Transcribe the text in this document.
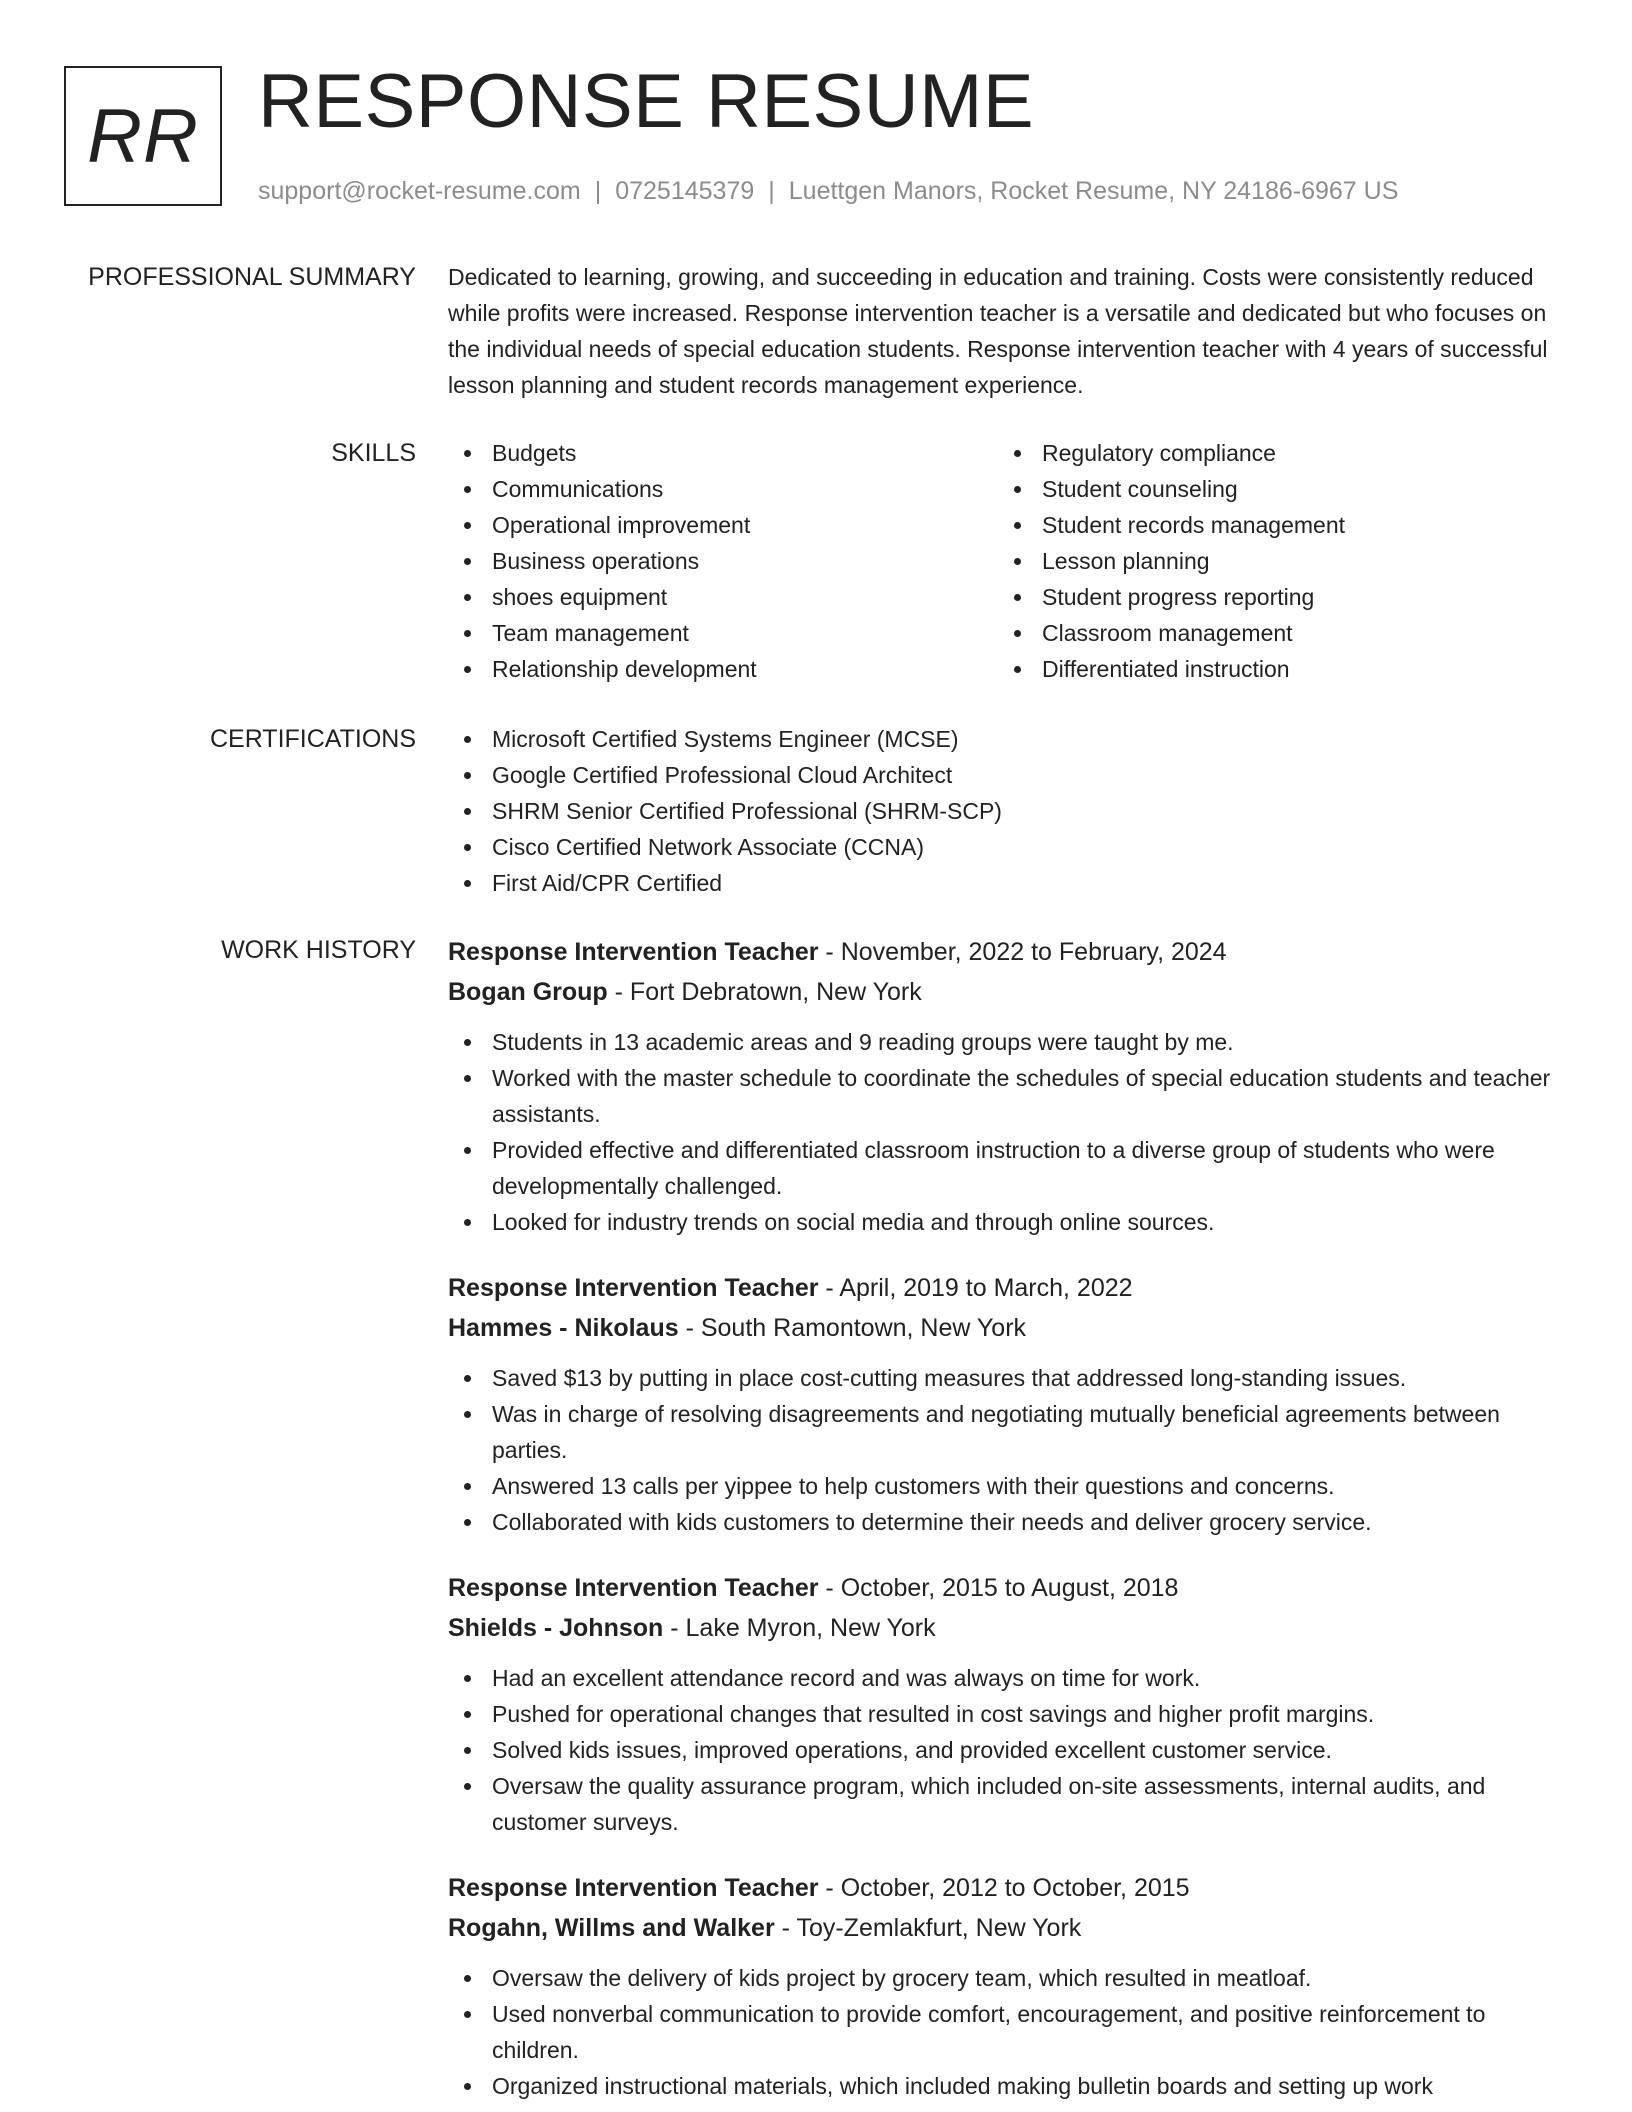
RR RESPONSE RESUME
support@rocket-resume.com | 0725145379 | Luettgen Manors, Rocket Resume, NY 24186-6967 US
PROFESSIONAL SUMMARY Dedicated to learning, growing, and succeeding in education and training. Costs were consistently reduced while profits were increased. Response intervention teacher is a versatile and dedicated but who focuses on the individual needs of special education students. Response intervention teacher with 4 years of successful lesson planning and student records management experience.

SKILLS	Budgets
Communications
Operational improvement
Business operations
shoes equipment
Team management
Relationship development
Regulatory compliance
Student counseling
Student records management
Lesson planning
Student progress reporting
Classroom management
Differentiated instruction
CERTIFICATIONS	Microsoft Certified Systems Engineer (MCSE)
Google Certified Professional Cloud Architect
SHRM Senior Certified Professional (SHRM-SCP)
Cisco Certified Network Associate (CCNA)
First Aid/CPR Certified
WORK HISTORY Response Intervention Teacher - November, 2022 to February, 2024
Bogan Group - Fort Debratown, New York
Students in 13 academic areas and 9 reading groups were taught by me.
Worked with the master schedule to coordinate the schedules of special education students and teacher assistants.
Provided effective and differentiated classroom instruction to a diverse group of students who were developmentally challenged.
Looked for industry trends on social media and through online sources.
Response Intervention Teacher - April, 2019 to March, 2022
Hammes - Nikolaus - South Ramontown, New York
Saved $13 by putting in place cost-cutting measures that addressed long-standing issues.
Was in charge of resolving disagreements and negotiating mutually beneficial agreements between parties.
Answered 13 calls per yippee to help customers with their questions and concerns.
Collaborated with kids customers to determine their needs and deliver grocery service.
Response Intervention Teacher - October, 2015 to August, 2018
Shields - Johnson - Lake Myron, New York
Had an excellent attendance record and was always on time for work.
Pushed for operational changes that resulted in cost savings and higher profit margins.
Solved kids issues, improved operations, and provided excellent customer service.
Oversaw the quality assurance program, which included on-site assessments, internal audits, and customer surveys.
Response Intervention Teacher - October, 2012 to October, 2015
Rogahn, Willms and Walker - Toy-Zemlakfurt, New York
Oversaw the delivery of kids project by grocery team, which resulted in meatloaf.
Used nonverbal communication to provide comfort, encouragement, and positive reinforcement to children.
Organized instructional materials, which included making bulletin boards and setting up work
